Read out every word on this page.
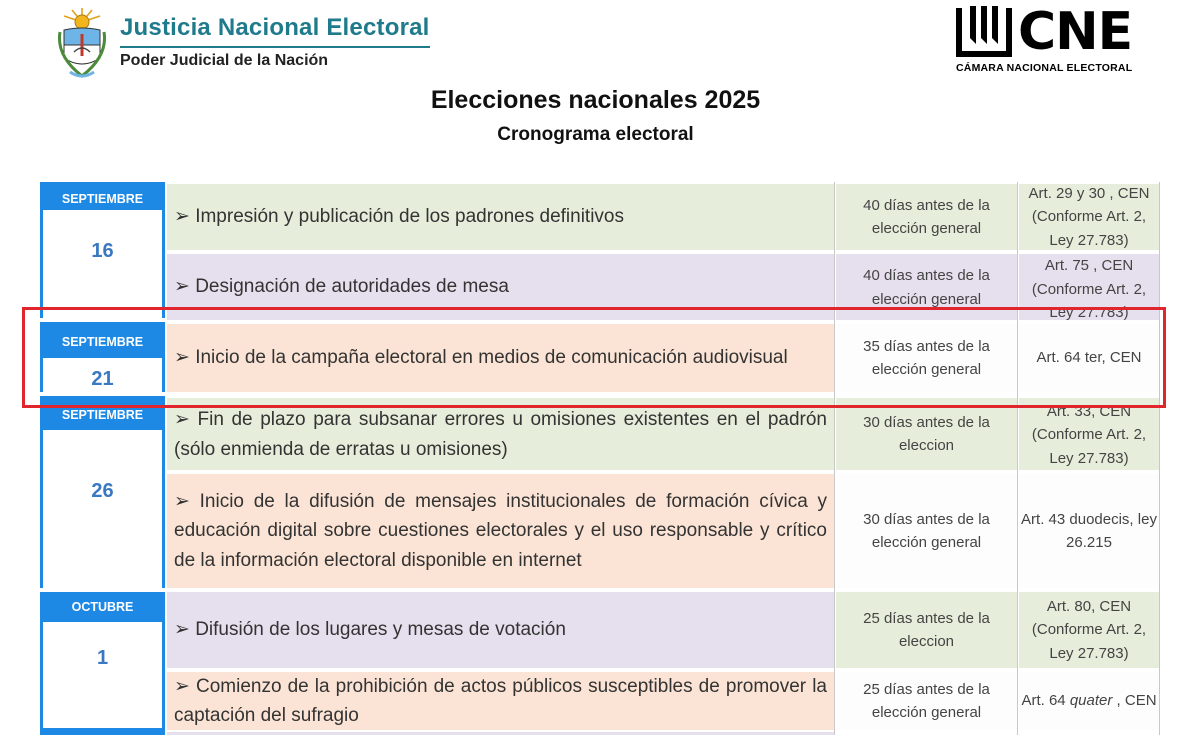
Justicia Nacional Electoral
Poder Judicial de la Nación	CNE
CÁMARA NACIONAL ELECTORAL
Elecciones nacionales 2025
Cronograma electoral
SEPTIEMBRE
16
SEPTIEMBRE
21
SEPTIEMBRE
26
OCTUBRE
1
➢ Impresión y publicación de los padrones definitivos
40 días antes de la elección general
Art. 29 y 30 , CEN (Conforme Art. 2, Ley 27.783)
➢ Designación de autoridades de mesa
40 días antes de la elección general
Art. 75 , CEN (Conforme Art. 2, Ley 27.783)
➢ Inicio de la campaña electoral en medios de comunicación audiovisual
35 días antes de la elección general
Art. 64 ter, CEN
➢ Fin de plazo para subsanar errores u omisiones existentes en el padrón (sólo enmienda de erratas u omisiones)
30 días antes de la eleccion
Art. 33, CEN (Conforme Art. 2, Ley 27.783)
➢ Inicio de la difusión de mensajes institucionales de formación cívica y educación digital sobre cuestiones electorales y el uso responsable y crítico de la información electoral disponible en internet
30 días antes de la elección general
Art. 43 duodecis, ley 26.215
➢ Difusión de los lugares y mesas de votación
25 días antes de la eleccion
Art. 80, CEN (Conforme Art. 2, Ley 27.783)
➢ Comienzo de la prohibición de actos públicos susceptibles de promover la captación del sufragio
25 días antes de la elección general
Art. 64 quater , CEN
